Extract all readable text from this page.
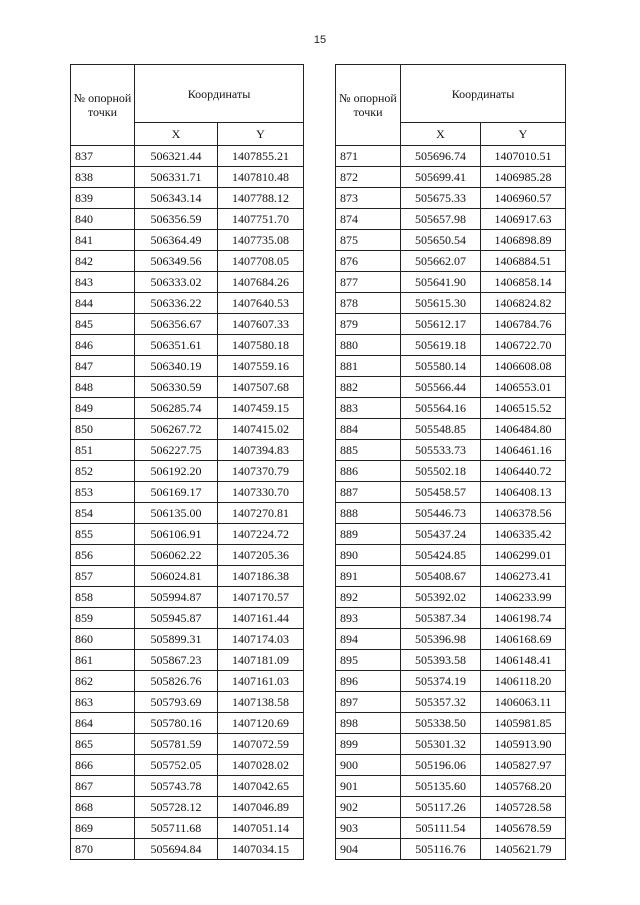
15
№ опорной точки	Координаты	
	X	Y
837	506321.44	1407855.21
838	506331.71	1407810.48
839	506343.14	1407788.12
840	506356.59	1407751.70
841	506364.49	1407735.08
842	506349.56	1407708.05
843	506333.02	1407684.26
844	506336.22	1407640.53
845	506356.67	1407607.33
846	506351.61	1407580.18
847	506340.19	1407559.16
848	506330.59	1407507.68
849	506285.74	1407459.15
850	506267.72	1407415.02
851	506227.75	1407394.83
852	506192.20	1407370.79
853	506169.17	1407330.70
854	506135.00	1407270.81
855	506106.91	1407224.72
856	506062.22	1407205.36
857	506024.81	1407186.38
858	505994.87	1407170.57
859	505945.87	1407161.44
860	505899.31	1407174.03
861	505867.23	1407181.09
862	505826.76	1407161.03
863	505793.69	1407138.58
864	505780.16	1407120.69
865	505781.59	1407072.59
866	505752.05	1407028.02
867	505743.78	1407042.65
868	505728.12	1407046.89
869	505711.68	1407051.14
870	505694.84	1407034.15
№ опорной точки	Координаты	
	X	Y
871	505696.74	1407010.51
872	505699.41	1406985.28
873	505675.33	1406960.57
874	505657.98	1406917.63
875	505650.54	1406898.89
876	505662.07	1406884.51
877	505641.90	1406858.14
878	505615.30	1406824.82
879	505612.17	1406784.76
880	505619.18	1406722.70
881	505580.14	1406608.08
882	505566.44	1406553.01
883	505564.16	1406515.52
884	505548.85	1406484.80
885	505533.73	1406461.16
886	505502.18	1406440.72
887	505458.57	1406408.13
888	505446.73	1406378.56
889	505437.24	1406335.42
890	505424.85	1406299.01
891	505408.67	1406273.41
892	505392.02	1406233.99
893	505387.34	1406198.74
894	505396.98	1406168.69
895	505393.58	1406148.41
896	505374.19	1406118.20
897	505357.32	1406063.11
898	505338.50	1405981.85
899	505301.32	1405913.90
900	505196.06	1405827.97
901	505135.60	1405768.20
902	505117.26	1405728.58
903	505111.54	1405678.59
904	505116.76	1405621.79
